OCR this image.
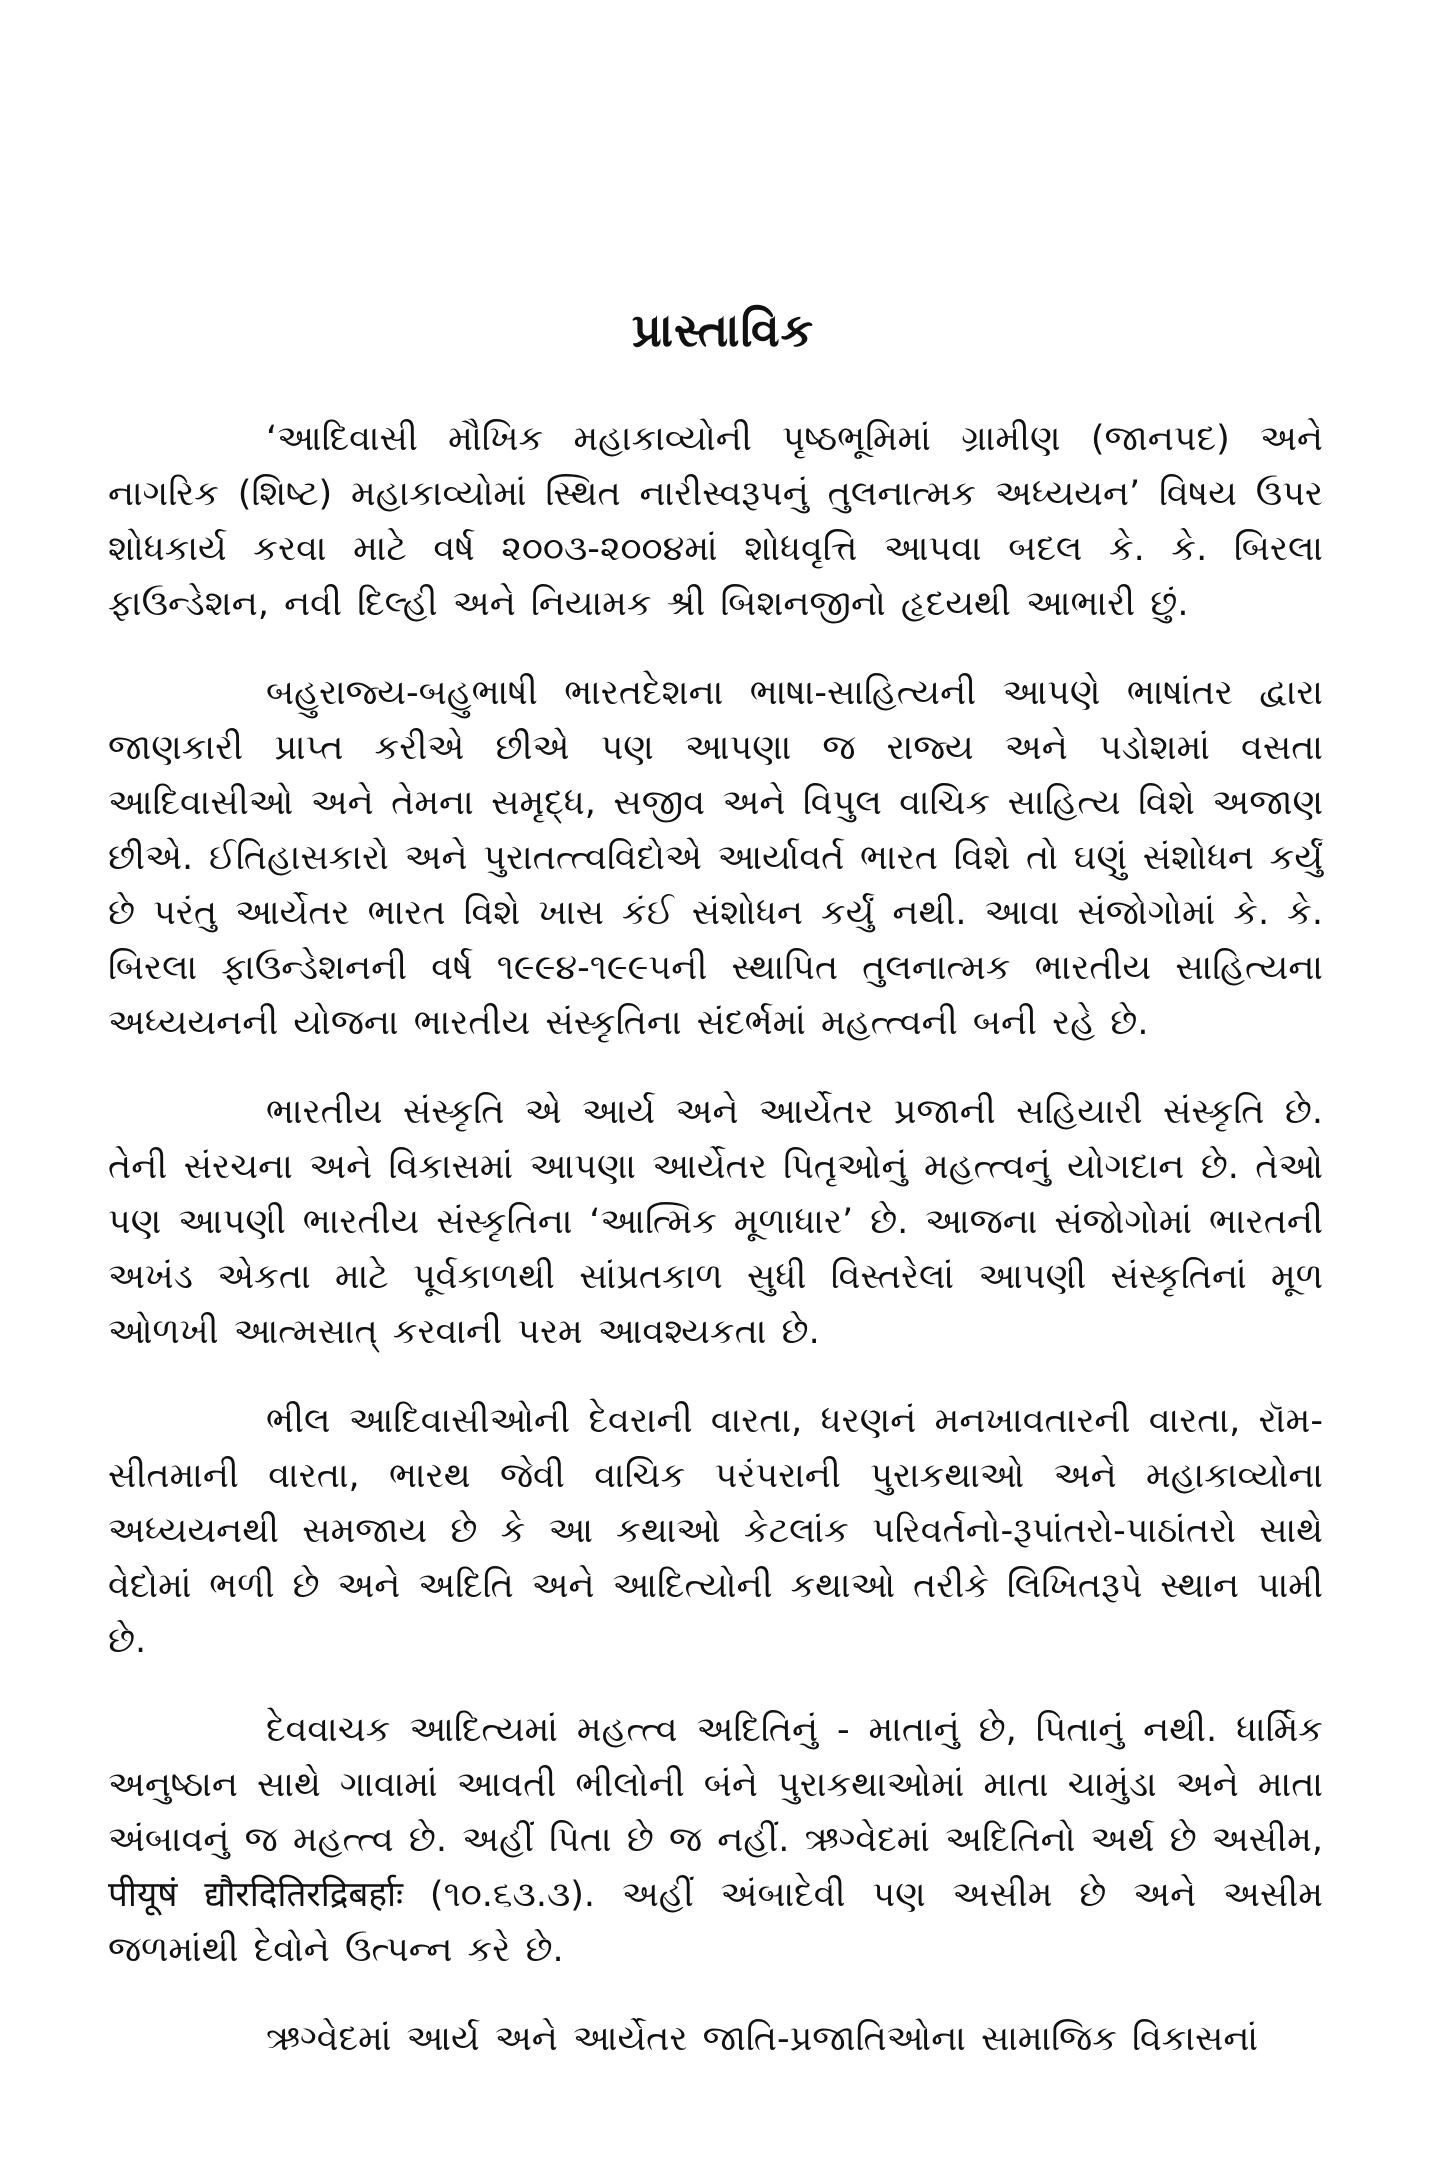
પ્રાસ્તાવિક

‘આદિવાસી મૌખિક મહાકાવ્યોની પૃષ્ઠભૂમિમાં ગ્રામીણ (જાનપદ) અને નાગરિક (શિષ્ટ) મહાકાવ્યોમાં સ્થિત નારીસ્વરૂપનું તુલનાત્મક અધ્યયન’ વિષય ઉપર શોધકાર્ય કરવા માટે વર્ષ ૨૦૦૩-૨૦૦૪માં શોધવૃત્તિ આપવા બદલ કે. કે. બિરલા ફાઉન્ડેશન, નવી દિલ્હી અને નિયામક શ્રી બિશનજીનો હૃદયથી આભારી છું.

બહુરાજ્ય-બહુભાષી ભારતદેશના ભાષા-સાહિત્યની આપણે ભાષાંતર દ્વારા જાણકારી પ્રાપ્ત કરીએ છીએ પણ આપણા જ રાજ્ય અને પડોશમાં વસતા આદિવાસીઓ અને તેમના સમૃદ્ધ, સજીવ અને વિપુલ વાચિક સાહિત્ય વિશે અજાણ છીએ. ઈતિહાસકારો અને પુરાતત્ત્વવિદોએ આર્યાવર્ત ભારત વિશે તો ઘણું સંશોધન કર્યું છે પરંતુ આર્યેતર ભારત વિશે ખાસ કંઈ સંશોધન કર્યું નથી. આવા સંજોગોમાં કે. કે. બિરલા ફાઉન્ડેશનની વર્ષ ૧૯૯૪-૧૯૯૫ની સ્થાપિત તુલનાત્મક ભારતીય સાહિત્યના અધ્યયનની યોજના ભારતીય સંસ્કૃતિના સંદર્ભમાં મહત્ત્વની બની રહે છે.

ભારતીય સંસ્કૃતિ એ આર્ય અને આર્યેતર પ્રજાની સહિયારી સંસ્કૃતિ છે. તેની સંરચના અને વિકાસમાં આપણા આર્યેતર પિતૃઓનું મહત્ત્વનું યોગદાન છે. તેઓ પણ આપણી ભારતીય સંસ્કૃતિના ‘આત્મિક મૂળાધાર’ છે. આજના સંજોગોમાં ભારતની અખંડ એકતા માટે પૂર્વકાળથી સાંપ્રતકાળ સુધી વિસ્તરેલાં આપણી સંસ્કૃતિનાં મૂળ ઓળખી આત્મસાત્ કરવાની પરમ આવશ્યકતા છે.

ભીલ આદિવાસીઓની દેવરાની વારતા, ધરણનં મનખાવતારની વારતા, રૉમ-સીતમાની વારતા, ભારથ જેવી વાચિક પરંપરાની પુરાકથાઓ અને મહાકાવ્યોના અધ્યયનથી સમજાય છે કે આ કથાઓ કેટલાંક પરિવર્તનો-રૂપાંતરો-પાઠાંતરો સાથે વેદોમાં ભળી છે અને અદિતિ અને આદિત્યોની કથાઓ તરીકે લિખિતરૂપે સ્થાન પામી છે.

દેવવાચક આદિત્યમાં મહત્ત્વ અદિતિનું - માતાનું છે, પિતાનું નથી. ધાર્મિક અનુષ્ઠાન સાથે ગાવામાં આવતી ભીલોની બંને પુરાકથાઓમાં માતા ચામુંડા અને માતા અંબાવનું જ મહત્ત્વ છે. અહીં પિતા છે જ નહીં. ઋગ્વેદમાં અદિતિનો અર્થ છે અસીમ, पीयूषं द्यौरदितिरद्रिबर्हाः (૧૦.૬૩.૩). અહીં અંબાદેવી પણ અસીમ છે અને અસીમ જળમાંથી દેવોને ઉત્પન્ન કરે છે.

ઋગ્વેદમાં આર્ય અને આર્યેતર જાતિ-પ્રજાતિઓના સામાજિક વિકાસનાં
